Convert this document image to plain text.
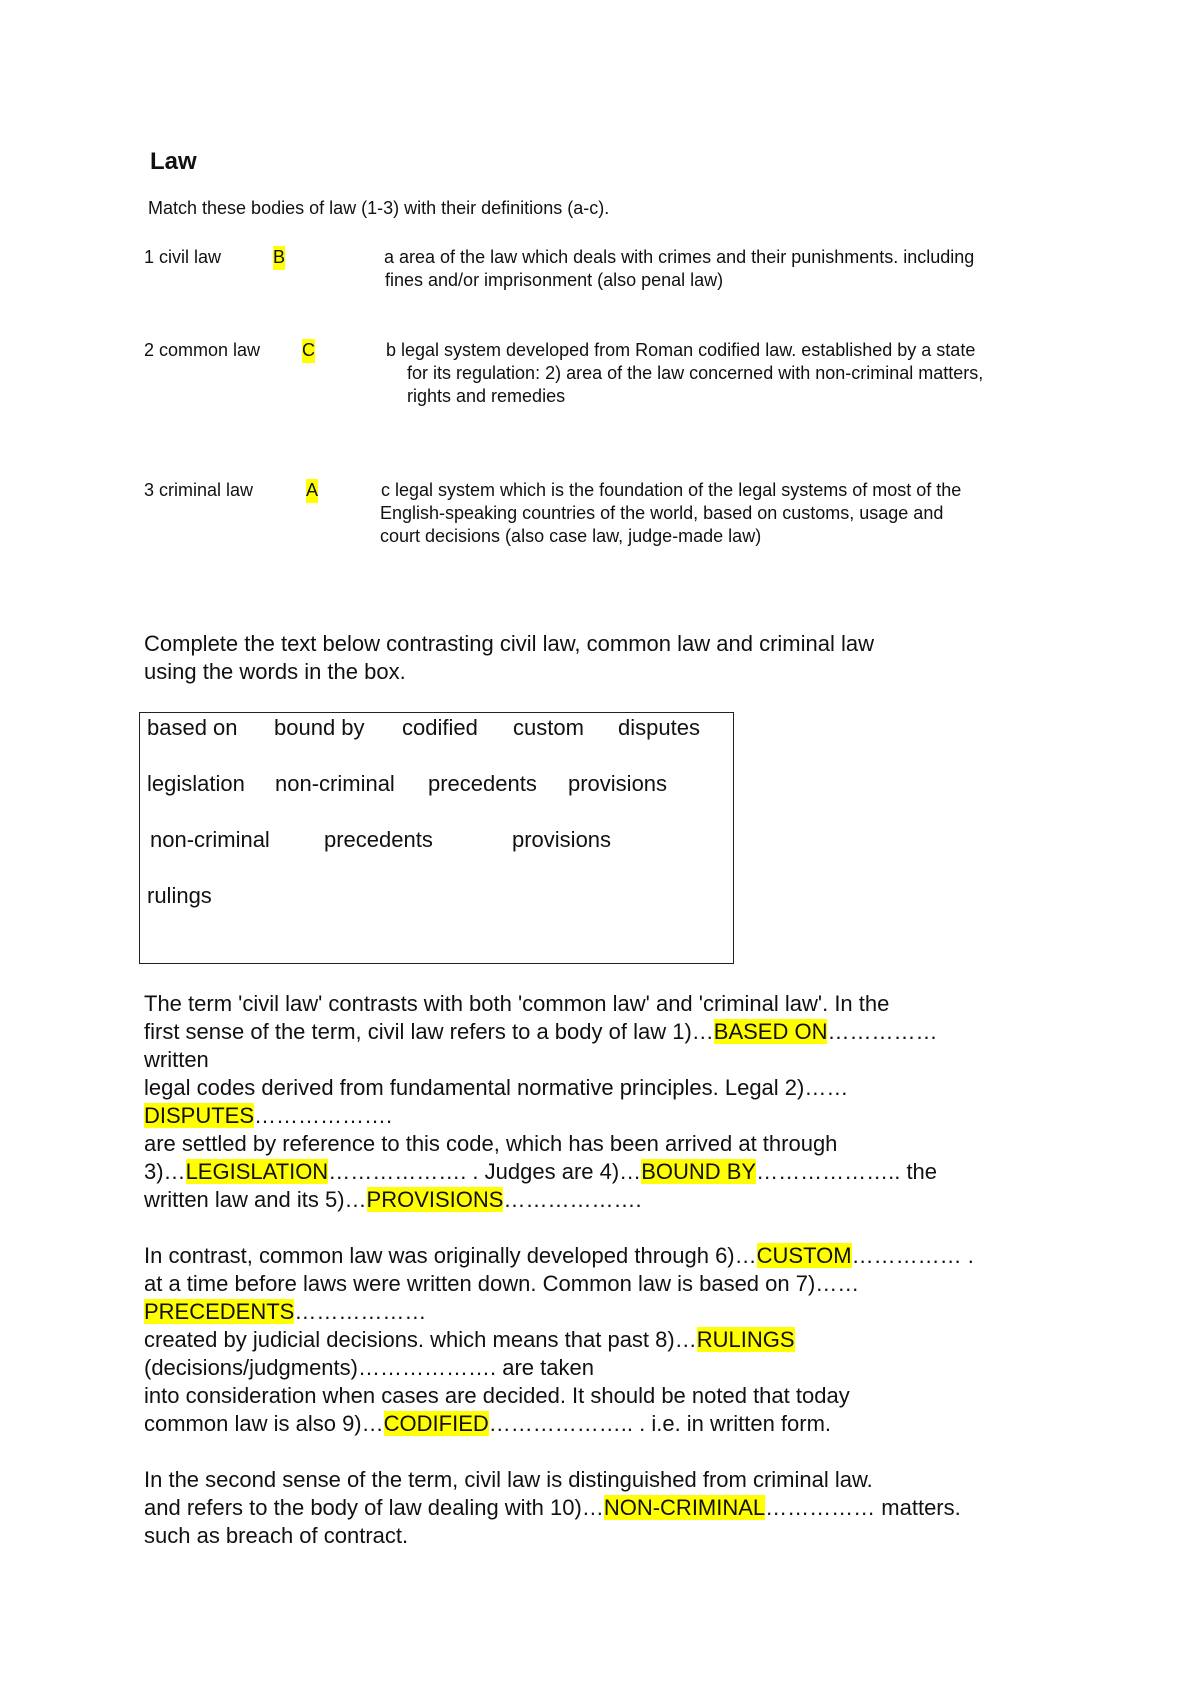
Law
Match these bodies of law (1-3) with their definitions (a-c).
1 civil law	B	a area of the law which deals with crimes and their punishments. including
fines and/or imprisonment (also penal law)
2 common law C	b legal system developed from Roman codified law. established by a state
for its regulation: 2) area of the law concerned with non-criminal matters,
rights and remedies
3 criminal law	A	c legal system which is the foundation of the legal systems of most of the
English-speaking countries of the world, based on customs, usage and
court decisions (also case law, judge-made law)
Complete the text below contrasting civil law, common law and criminal law
using the words in the box.
based on bound by codified custom disputes
legislation non-criminal precedents provisions
non-criminal precedents	provisions
rulings
The term 'civil law' contrasts with both 'common law' and 'criminal law'. In the
first sense of the term, civil law refers to a body of law 1)…BASED ON……………
written
legal codes derived from fundamental normative principles. Legal 2)……
DISPUTES……………….
are settled by reference to this code, which has been arrived at through
3)…LEGISLATION………………. . Judges are 4)…BOUND BY……………….. the
written law and its 5)…PROVISIONS……………….
In contrast, common law was originally developed through 6)…CUSTOM…………… .
at a time before laws were written down. Common law is based on 7)……
PRECEDENTS………………
created by judicial decisions. which means that past 8)…RULINGS
(decisions/judgments)………………. are taken
into consideration when cases are decided. It should be noted that today
common law is also 9)…CODIFIED……………….. . i.e. in written form.
In the second sense of the term, civil law is distinguished from criminal law.
and refers to the body of law dealing with 10)…NON-CRIMINAL…………… matters.
such as breach of contract.
